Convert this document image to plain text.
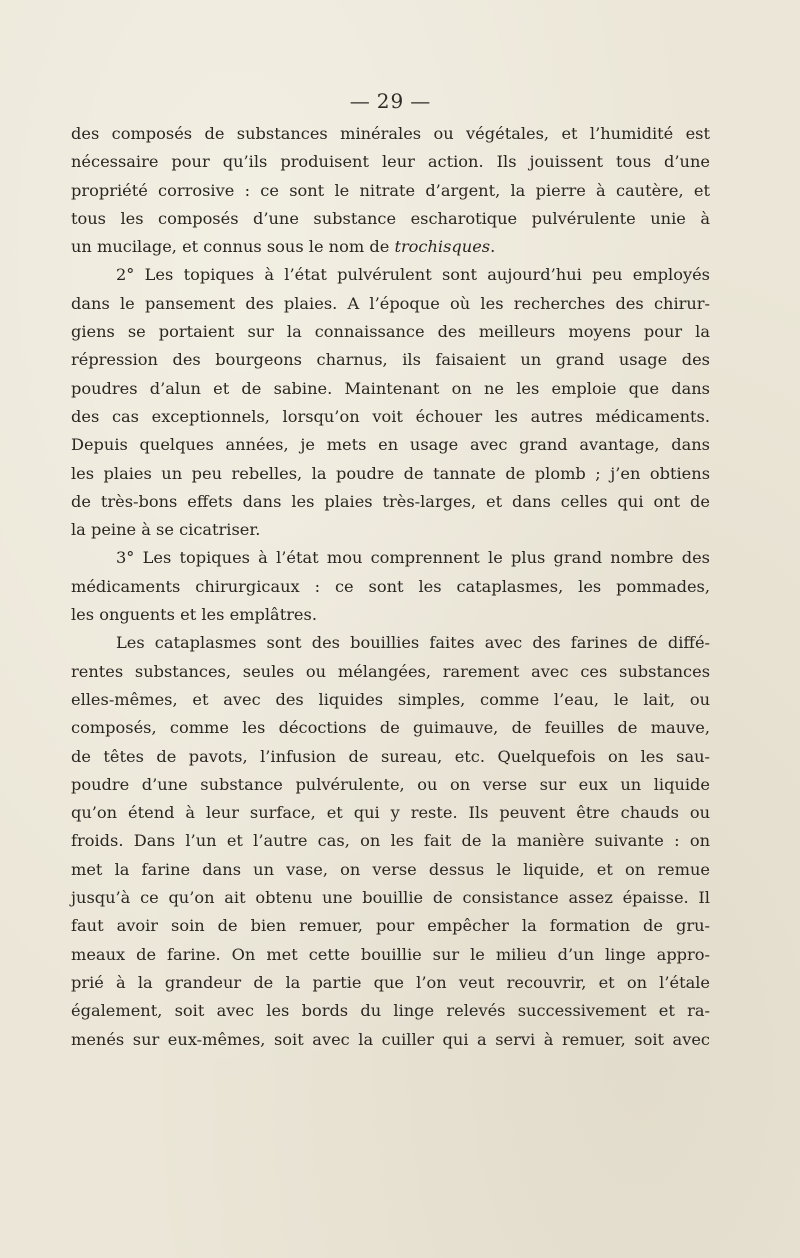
— 29 —
des composés de substances minérales ou végétales, et l’humidité est
nécessaire pour qu’ils produisent leur action. Ils jouissent tous d’une
propriété corrosive : ce sont le nitrate d’argent, la pierre à cautère, et
tous les composés d’une substance escharotique pulvérulente unie à
un mucilage, et connus sous le nom de trochisques.
2° Les topiques à l’état pulvérulent sont aujourd’hui peu employés
dans le pansement des plaies. A l’époque où les recherches des chirur-
giens se portaient sur la connaissance des meilleurs moyens pour la
répression des bourgeons charnus, ils faisaient un grand usage des
poudres d’alun et de sabine. Maintenant on ne les emploie que dans
des cas exceptionnels, lorsqu’on voit échouer les autres médicaments.
Depuis quelques années, je mets en usage avec grand avantage, dans
les plaies un peu rebelles, la poudre de tannate de plomb ; j’en obtiens
de très-bons effets dans les plaies très-larges, et dans celles qui ont de
la peine à se cicatriser.
3° Les topiques à l’état mou comprennent le plus grand nombre des
médicaments chirurgicaux : ce sont les cataplasmes, les pommades,
les onguents et les emplâtres.
Les cataplasmes sont des bouillies faites avec des farines de diffé-
rentes substances, seules ou mélangées, rarement avec ces substances
elles-mêmes, et avec des liquides simples, comme l’eau, le lait, ou
composés, comme les décoctions de guimauve, de feuilles de mauve,
de têtes de pavots, l’infusion de sureau, etc. Quelquefois on les sau-
poudre d’une substance pulvérulente, ou on verse sur eux un liquide
qu’on étend à leur surface, et qui y reste. Ils peuvent être chauds ou
froids. Dans l’un et l’autre cas, on les fait de la manière suivante : on
met la farine dans un vase, on verse dessus le liquide, et on remue
jusqu’à ce qu’on ait obtenu une bouillie de consistance assez épaisse. Il
faut avoir soin de bien remuer, pour empêcher la formation de gru-
meaux de farine. On met cette bouillie sur le milieu d’un linge appro-
prié à la grandeur de la partie que l’on veut recouvrir, et on l’étale
également, soit avec les bords du linge relevés successivement et ra-
menés sur eux-mêmes, soit avec la cuiller qui a servi à remuer, soit avec
